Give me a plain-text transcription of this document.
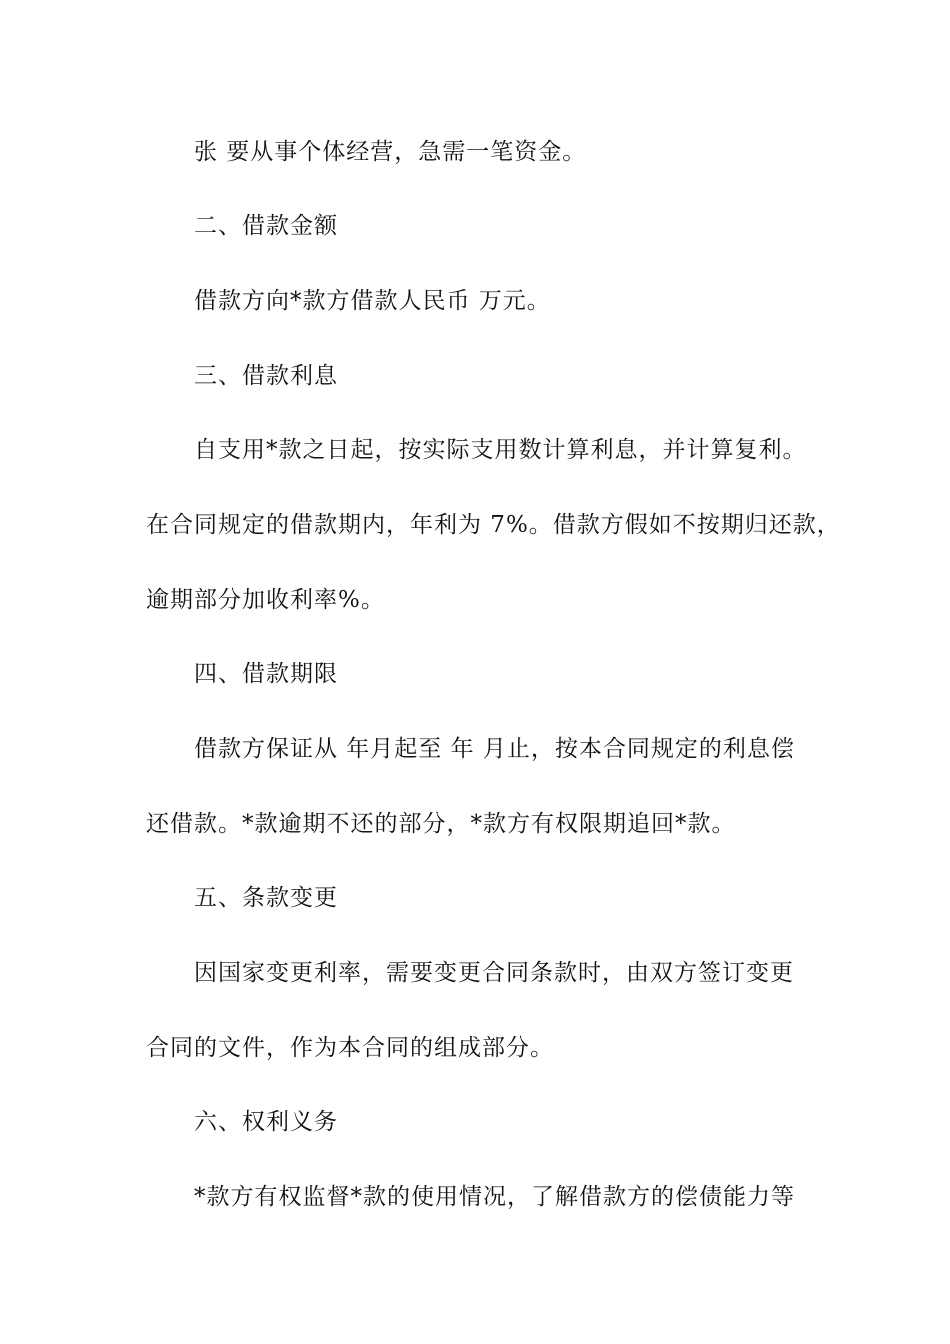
张 要从事个体经营，急需一笔资金。
二、借款金额
借款方向*款方借款人民币 万元。
三、借款利息
自支用*款之日起，按实际支用数计算利息，并计算复利。
在合同规定的借款期内，年利为 7%。借款方假如不按期归还款，
逾期部分加收利率%。
四、借款期限
借款方保证从 年月起至 年 月止，按本合同规定的利息偿
还借款。*款逾期不还的部分，*款方有权限期追回*款。
五、条款变更
因国家变更利率，需要变更合同条款时，由双方签订变更
合同的文件，作为本合同的组成部分。
六、权利义务
*款方有权监督*款的使用情况，了解借款方的偿债能力等
